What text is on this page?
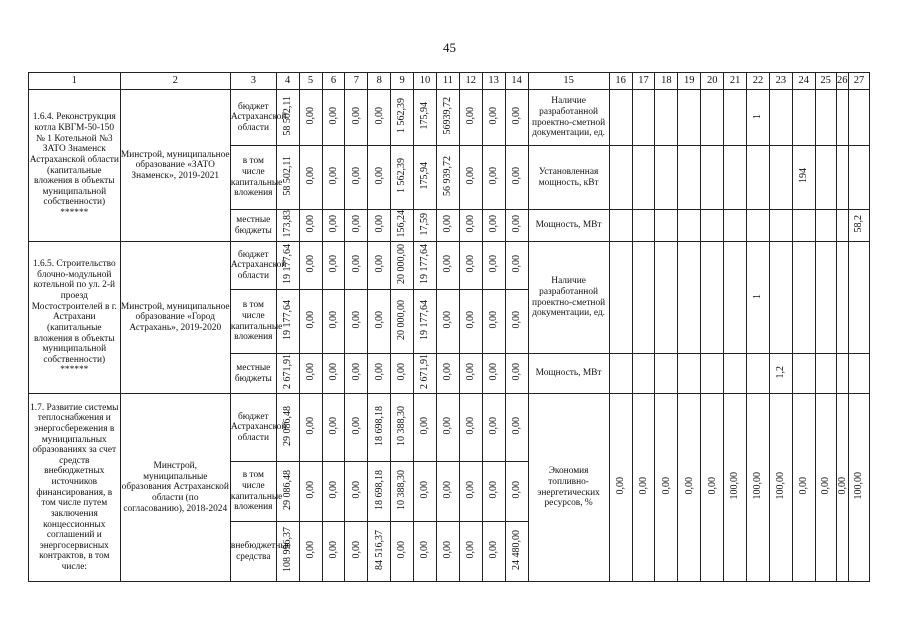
45
1	2	3	4	5	6	7	8	9	10	11	12	13	14	15	16	17	18	19	20	21	22	23	24	25	26	27
1.6.4. Реконструкция котла КВГМ-50-150 № 1 Котельной №3 ЗАТО Знаменск Астраханской области (капитальные вложения в объекты муниципальной собственности) ******	Минстрой, муниципальное образование «ЗАТО Знаменск», 2019-2021	бюджет Астраханской области	58 502,11	0,00	0,00	0,00	0,00	1 562,39	175,94	56939,72	0,00	0,00	0,00	Наличие разработанной проектно-сметной документации, ед.							1					
		в том числе капитальные вложения	58 502,11	0,00	0,00	0,00	0,00	1 562,39	175,94	56 939,72	0,00	0,00	0,00	Установленная мощность, кВт									194			
		местные бюджеты	173,83	0,00	0,00	0,00	0,00	156,24	17,59	0,00	0,00	0,00	0,00	Мощность, МВт												58,2
1.6.5. Строительство блочно-модульной котельной по ул. 2-й проезд Мостостроителей в г. Астрахани (капитальные вложения в объекты муниципальной собственности) ******	Минстрой, муниципальное образование «Город Астрахань», 2019-2020	бюджет Астраханской области	19 177,64	0,00	0,00	0,00	0,00	20 000,00	19 177,64	0,00	0,00	0,00	0,00	Наличие разработанной проектно-сметной документации, ед.							1					
		в том числе капитальные вложения	19 177,64	0,00	0,00	0,00	0,00	20 000,00	19 177,64	0,00	0,00	0,00	0,00													
		местные бюджеты	2 671,91	0,00	0,00	0,00	0,00	0,00	2 671,91	0,00	0,00	0,00	0,00	Мощность, МВт								1,2				
1.7. Развитие системы теплоснабжения и энергосбережения в муниципальных образованиях за счет средств внебюджетных источников финансирования, в том числе путем заключения концессионных соглашений и энергосервисных контрактов, в том числе:	Минстрой, муниципальные образования Астраханской области (по согласованию), 2018-2024	бюджет Астраханской области	29 086,48	0,00	0,00	0,00	18 698,18	10 388,30	0,00	0,00	0,00	0,00	0,00	Экономия топливно-энергетических ресурсов, %	0,00	0,00	0,00	0,00	0,00	100,00	100,00	100,00	0,00	0,00	0,00	100,00
		в том числе капитальные вложения	29 086,48	0,00	0,00	0,00	18 698,18	10 388,30	0,00	0,00	0,00	0,00	0,00													
		внебюджетные средства	108 996,37	0,00	0,00	0,00	84 516,37	0,00	0,00	0,00	0,00	0,00	24 480,00													
